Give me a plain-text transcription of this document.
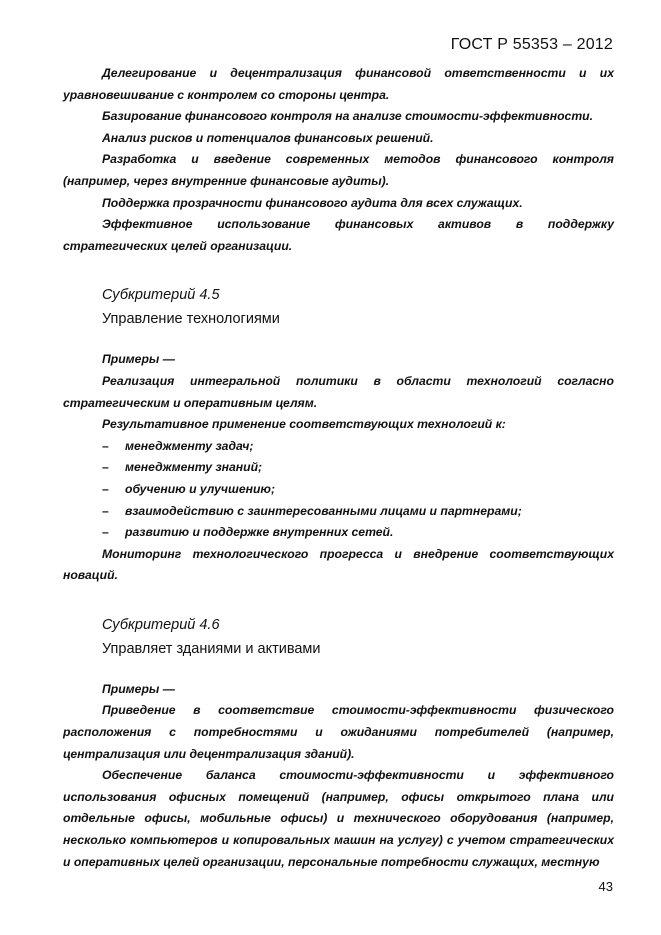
ГОСТ Р 55353 – 2012

Делегирование и децентрализация финансовой ответственности и их уравновешивание с контролем со стороны центра.

Базирование финансового контроля на анализе стоимости-эффективности.

Анализ рисков и потенциалов финансовых решений.

Разработка и введение современных методов финансового контроля (например, через внутренние финансовые аудиты).

Поддержка прозрачности финансового аудита для всех служащих.

Эффективное использование финансовых активов в поддержку стратегических целей организации.

Субкритерий 4.5

Управление технологиями

Примеры —

Реализация интегральной политики в области технологий согласно стратегическим и оперативным целям.

Результативное применение соответствующих технологий к:

–	менеджменту задач;
–	менеджменту знаний;
–	обучению и улучшению;
–	взаимодействию с заинтересованными лицами и партнерами;
–	развитию и поддержке внутренних сетей.

Мониторинг технологического прогресса и внедрение соответствующих новаций.

Субкритерий 4.6

Управляет зданиями и активами

Примеры —

Приведение в соответствие стоимости-эффективности физического расположения с потребностями и ожиданиями потребителей (например, централизация или децентрализация зданий).

Обеспечение баланса стоимости-эффективности и эффективного использования офисных помещений (например, офисы открытого плана или отдельные офисы, мобильные офисы) и технического оборудования (например, несколько компьютеров и копировальных машин на услугу) с учетом стратегических и оперативных целей организации, персональные потребности служащих, местную

43
